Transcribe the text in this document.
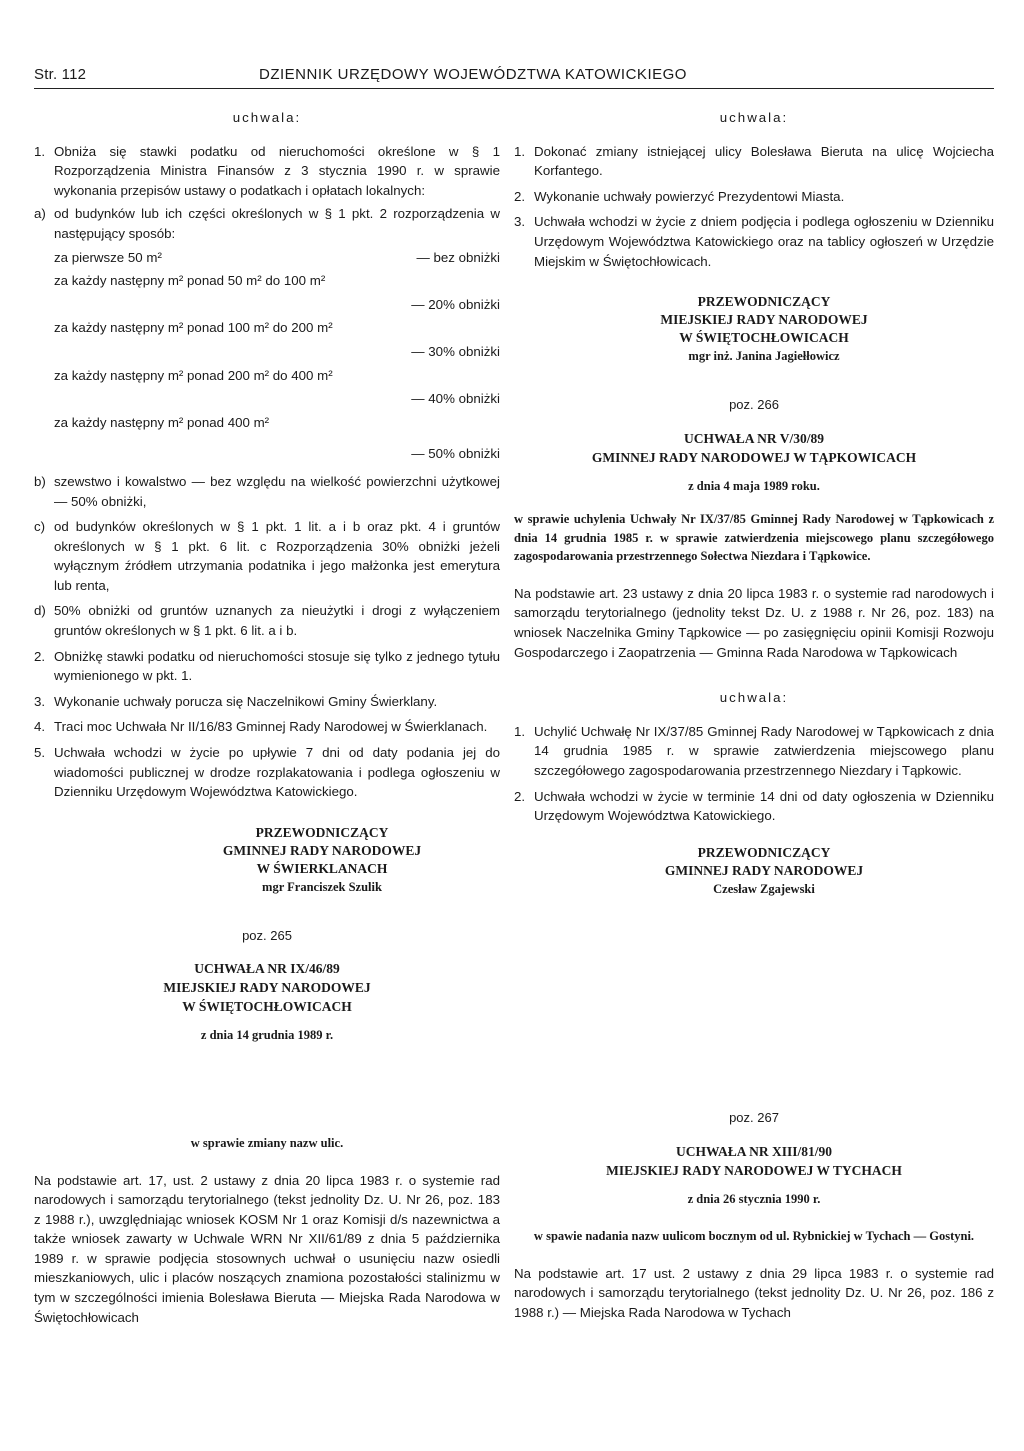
Str. 112	DZIENNIK URZĘDOWY WOJEWÓDZTWA KATOWICKIEGO

uchwala:

1. Obniża się stawki podatku od nieruchomości określone w § 1 Rozporządzenia Ministra Finansów z 3 stycznia 1990 r. w sprawie wykonania przepisów ustawy o podatkach i opłatach lokalnych:
a) od budynków lub ich części określonych w § 1 pkt. 2 rozporządzenia w następujący sposób:
za pierwsze 50 m²	— bez obniżki
za każdy następny m² ponad 50 m² do 100 m²
— 20% obniżki
za każdy następny m² ponad 100 m² do 200 m²
— 30% obniżki
za każdy następny m² ponad 200 m² do 400 m²
— 40% obniżki
za każdy następny m² ponad 400 m²
— 50% obniżki
b) szewstwo i kowalstwo — bez względu na wielkość powierzchni użytkowej — 50% obniżki,
c) od budynków określonych w § 1 pkt. 1 lit. a i b oraz pkt. 4 i gruntów określonych w § 1 pkt. 6 lit. c Rozporządzenia 30% obniżki jeżeli wyłącznym źródłem utrzymania podatnika i jego małżonka jest emerytura lub renta,
d) 50% obniżki od gruntów uznanych za nieużytki i drogi z wyłączeniem gruntów określonych w § 1 pkt. 6 lit. a i b.
2. Obniżkę stawki podatku od nieruchomości stosuje się tylko z jednego tytułu wymienionego w pkt. 1.
3. Wykonanie uchwały porucza się Naczelnikowi Gminy Świerklany.
4. Traci moc Uchwała Nr II/16/83 Gminnej Rady Narodowej w Świerklanach.
5. Uchwała wchodzi w życie po upływie 7 dni od daty podania jej do wiadomości publicznej w drodze rozplakatowania i podlega ogłoszeniu w Dzienniku Urzędowym Województwa Katowickiego.
PRZEWODNICZĄCY
GMINNEJ RADY NARODOWEJ
W ŚWIERKLANACH
mgr Franciszek Szulik

poz. 265

UCHWAŁA NR IX/46/89
MIEJSKIEJ RADY NARODOWEJ
W ŚWIĘTOCHŁOWICACH

z dnia 14 grudnia 1989 r.

w sprawie zmiany nazw ulic.

Na podstawie art. 17, ust. 2 ustawy z dnia 20 lipca 1983 r. o systemie rad narodowych i samorządu terytorialnego (tekst jednolity Dz. U. Nr 26, poz. 183 z 1988 r.), uwzględniając wniosek KOSM Nr 1 oraz Komisji d/s nazewnictwa a także wniosek zawarty w Uchwale WRN Nr XII/61/89 z dnia 5 października 1989 r. w sprawie podjęcia stosownych uchwał o usunięciu nazw osiedli mieszkaniowych, ulic i placów noszących znamiona pozostałości stalinizmu w tym w szczególności imienia Bolesława Bieruta — Miejska Rada Narodowa w Świętochłowicach

uchwala:

1. Dokonać zmiany istniejącej ulicy Bolesława Bieruta na ulicę Wojciecha Korfantego.
2. Wykonanie uchwały powierzyć Prezydentowi Miasta.
3. Uchwała wchodzi w życie z dniem podjęcia i podlega ogłoszeniu w Dzienniku Urzędowym Województwa Katowickiego oraz na tablicy ogłoszeń w Urzędzie Miejskim w Świętochłowicach.
PRZEWODNICZĄCY
MIEJSKIEJ RADY NARODOWEJ
W ŚWIĘTOCHŁOWICACH
mgr inż. Janina Jagiełłowicz

poz. 266

UCHWAŁA NR V/30/89
GMINNEJ RADY NARODOWEJ W TĄPKOWICACH

z dnia 4 maja 1989 roku.

w sprawie uchylenia Uchwały Nr IX/37/85 Gminnej Rady Narodowej w Tąpkowicach z dnia 14 grudnia 1985 r. w sprawie zatwierdzenia miejscowego planu szczegółowego zagospodarowania przestrzennego Sołectwa Niezdara i Tąpkowice.

Na podstawie art. 23 ustawy z dnia 20 lipca 1983 r. o systemie rad narodowych i samorządu terytorialnego (jednolity tekst Dz. U. z 1988 r. Nr 26, poz. 183) na wniosek Naczelnika Gminy Tąpkowice — po zasięgnięciu opinii Komisji Rozwoju Gospodarczego i Zaopatrzenia — Gminna Rada Narodowa w Tąpkowicach

uchwala:

1. Uchylić Uchwałę Nr IX/37/85 Gminnej Rady Narodowej w Tąpkowicach z dnia 14 grudnia 1985 r. w sprawie zatwierdzenia miejscowego planu szczegółowego zagospodarowania przestrzennego Niezdary i Tąpkowic.
2. Uchwała wchodzi w życie w terminie 14 dni od daty ogłoszenia w Dzienniku Urzędowym Województwa Katowickiego.
PRZEWODNICZĄCY
GMINNEJ RADY NARODOWEJ
Czesław Zgajewski

poz. 267

UCHWAŁA NR XIII/81/90
MIEJSKIEJ RADY NARODOWEJ W TYCHACH

z dnia 26 stycznia 1990 r.

w spawie nadania nazw uulicom bocznym od ul. Rybnickiej w Tychach — Gostyni.

Na podstawie art. 17 ust. 2 ustawy z dnia 29 lipca 1983 r. o systemie rad narodowych i samorządu terytorialnego (tekst jednolity Dz. U. Nr 26, poz. 186 z 1988 r.) — Miejska Rada Narodowa w Tychach
